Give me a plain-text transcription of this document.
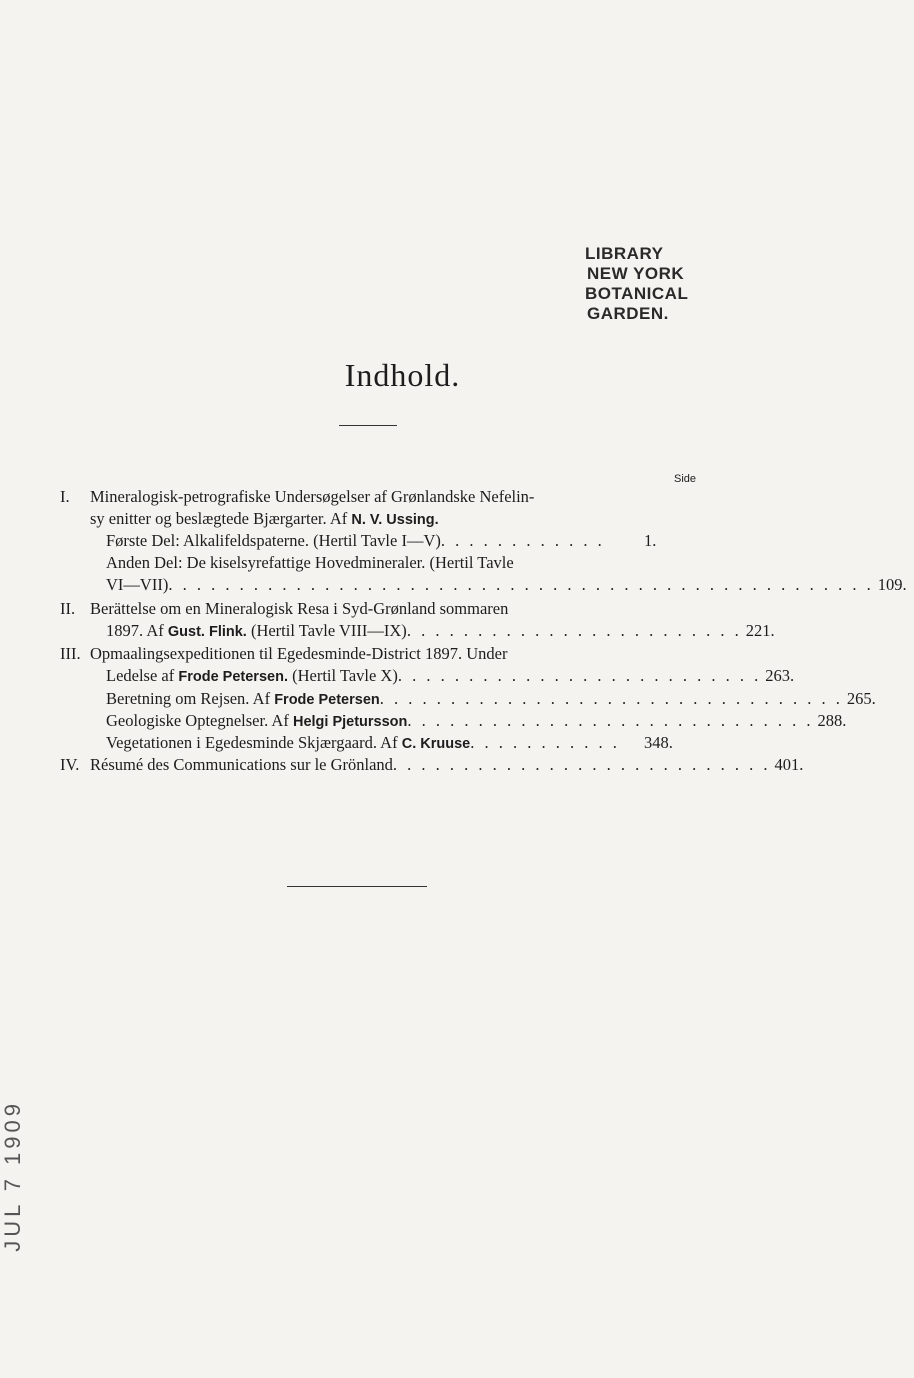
LIBRARY
NEW YORK
BOTANICAL
GARDEN.
Indhold.
Side
I. Mineralogisk-petrografiske Undersøgelser af Grønlandske Nefelin-
sy enitter og beslægtede Bjærgarter. Af N. V. Ussing.
Første Del: Alkalifeldspaterne. (Hertil Tavle I—V) . . . . . . . . . . . .	1.
Anden Del: De kiselsyrefattige Hovedmineraler. (Hertil Tavle
VI—VII) . . . . . . . . . . . . . . . . . . . . . . . . . . . . . . . . . . . . . . . . . . . . . . . . . . 109.
II. Berättelse om en Mineralogisk Resa i Syd-Grønland sommaren
1897. Af Gust. Flink. (Hertil Tavle VIII—IX) . . . . . . . . . . . . . . . . . . . . . . . . 221.
III. Opmaalingsexpeditionen til Egedesminde-District 1897. Under
Ledelse af Frode Petersen. (Hertil Tavle X) . . . . . . . . . . . . . . . . . . . . . . . . . . 263.
Beretning om Rejsen. Af Frode Petersen . . . . . . . . . . . . . . . . . . . . . . . . . . . . . . . . . 265.
Geologiske Optegnelser. Af Helgi Pjetursson . . . . . . . . . . . . . . . . . . . . . . . . . . . . . 288.
Vegetationen i Egedesminde Skjærgaard. Af C. Kruuse . . . . . . . . . . .	348.
IV. Résumé des Communications sur le Grönland . . . . . . . . . . . . . . . . . . . . . . . . . . . 401.
JUL 7 1909
